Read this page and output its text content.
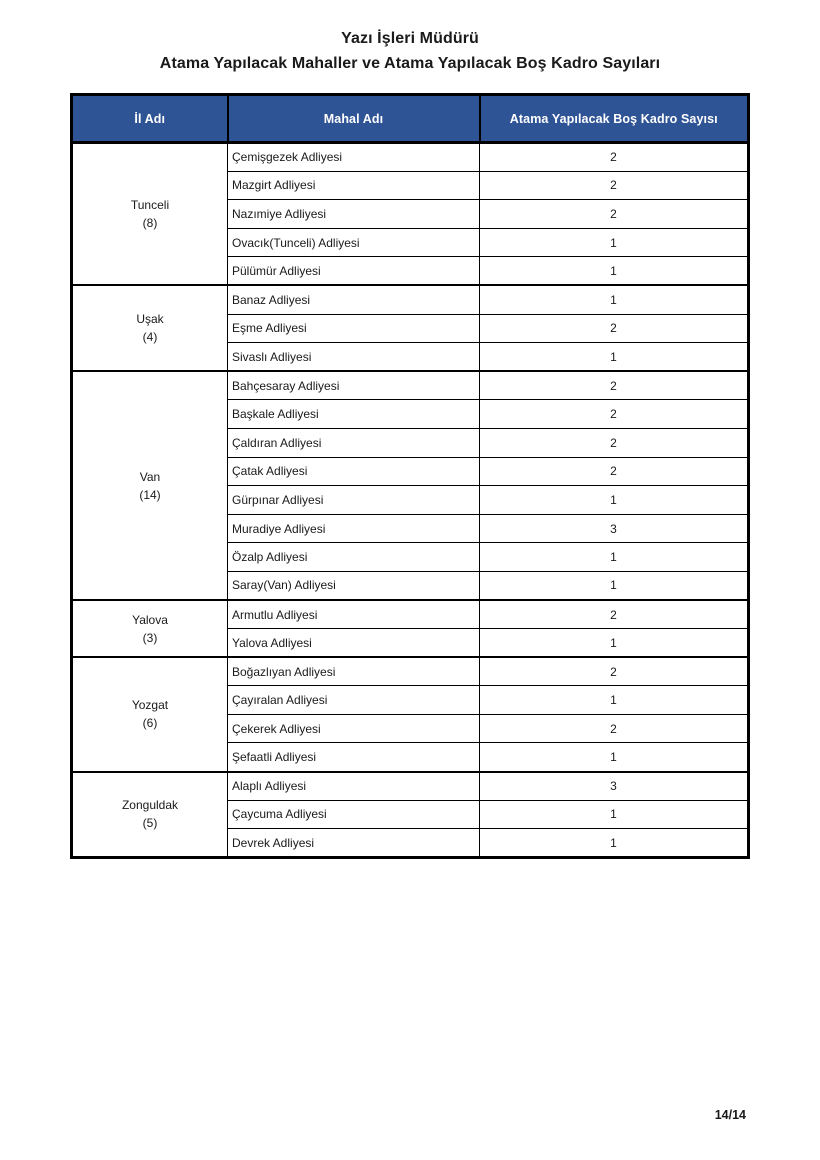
Yazı İşleri Müdürü
Atama Yapılacak Mahaller ve Atama Yapılacak Boş Kadro Sayıları
İl Adı	Mahal Adı	Atama Yapılacak Boş Kadro Sayısı

Tunceli
(8)	Çemişgezek Adliyesi	2
	Mazgirt Adliyesi	2
	Nazımiye Adliyesi	2
	Ovacık(Tunceli) Adliyesi	1
	Pülümür Adliyesi	1

Uşak
(4)	Banaz Adliyesi	1
	Eşme Adliyesi	2
	Sivaslı Adliyesi	1

Van
(14)	Bahçesaray Adliyesi	2
	Başkale Adliyesi	2
	Çaldıran Adliyesi	2
	Çatak Adliyesi	2
	Gürpınar Adliyesi	1
	Muradiye Adliyesi	3
	Özalp Adliyesi	1
	Saray(Van) Adliyesi	1

Yalova
(3)	Armutlu Adliyesi	2
	Yalova Adliyesi	1

Yozgat
(6)	Boğazlıyan Adliyesi	2
	Çayıralan Adliyesi	1
	Çekerek Adliyesi	2
	Şefaatli Adliyesi	1

Zonguldak
(5)	Alaplı Adliyesi	3
	Çaycuma Adliyesi	1
	Devrek Adliyesi	1
14/14
